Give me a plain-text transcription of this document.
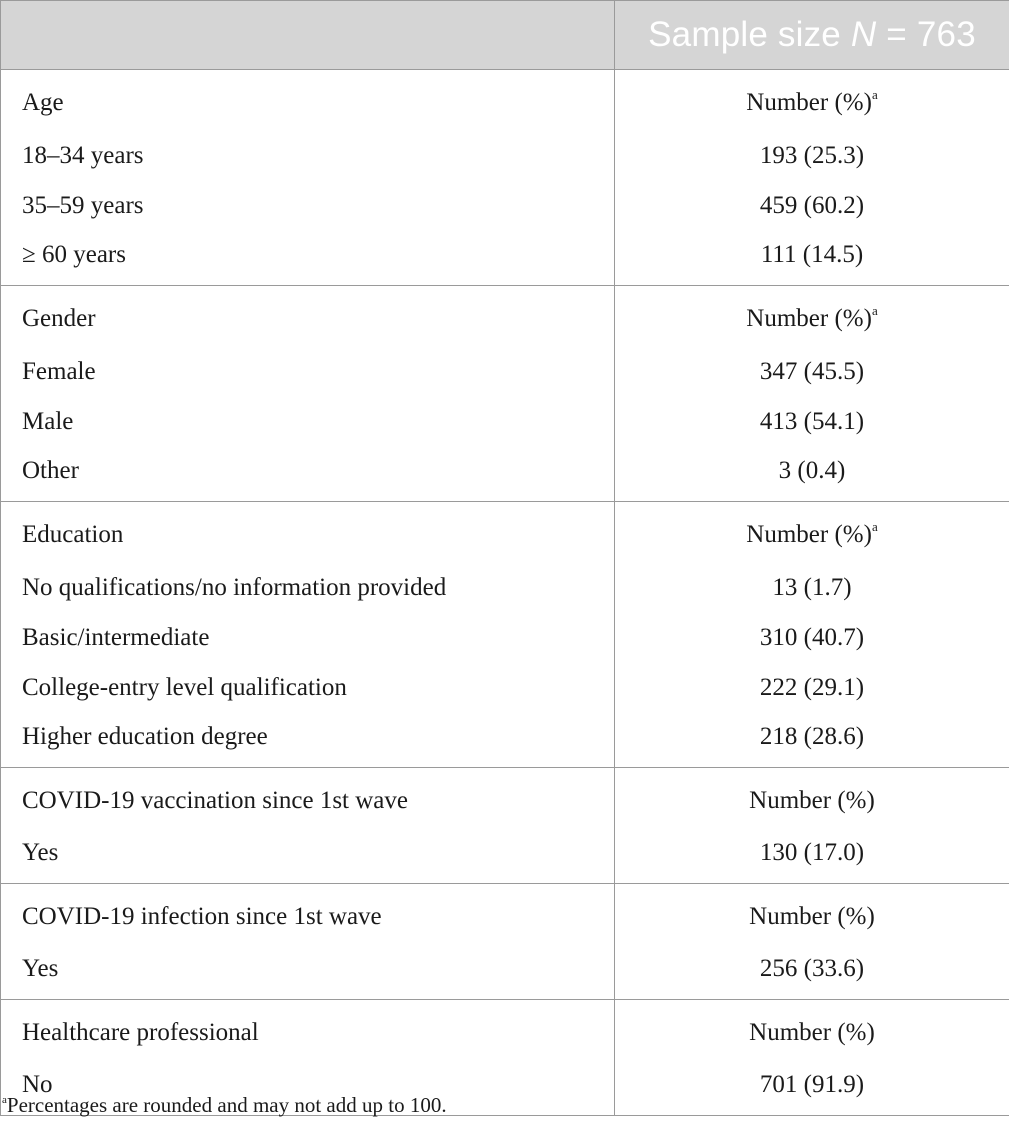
	Sample size N = 763
Age	Number (%)$^a$
18–34 years	193 (25.3)
35–59 years	459 (60.2)
≥ 60 years	111 (14.5)
Gender	Number (%)$^a$
Female	347 (45.5)
Male	413 (54.1)
Other	3 (0.4)
Education	Number (%)$^a$
No qualifications/no information provided	13 (1.7)
Basic/intermediate	310 (40.7)
College-entry level qualification	222 (29.1)
Higher education degree	218 (28.6)
COVID-19 vaccination since 1st wave	Number (%)
Yes	130 (17.0)
COVID-19 infection since 1st wave	Number (%)
Yes	256 (33.6)
Healthcare professional	Number (%)
No	701 (91.9)
$^a$Percentages are rounded and may not add up to 100.
